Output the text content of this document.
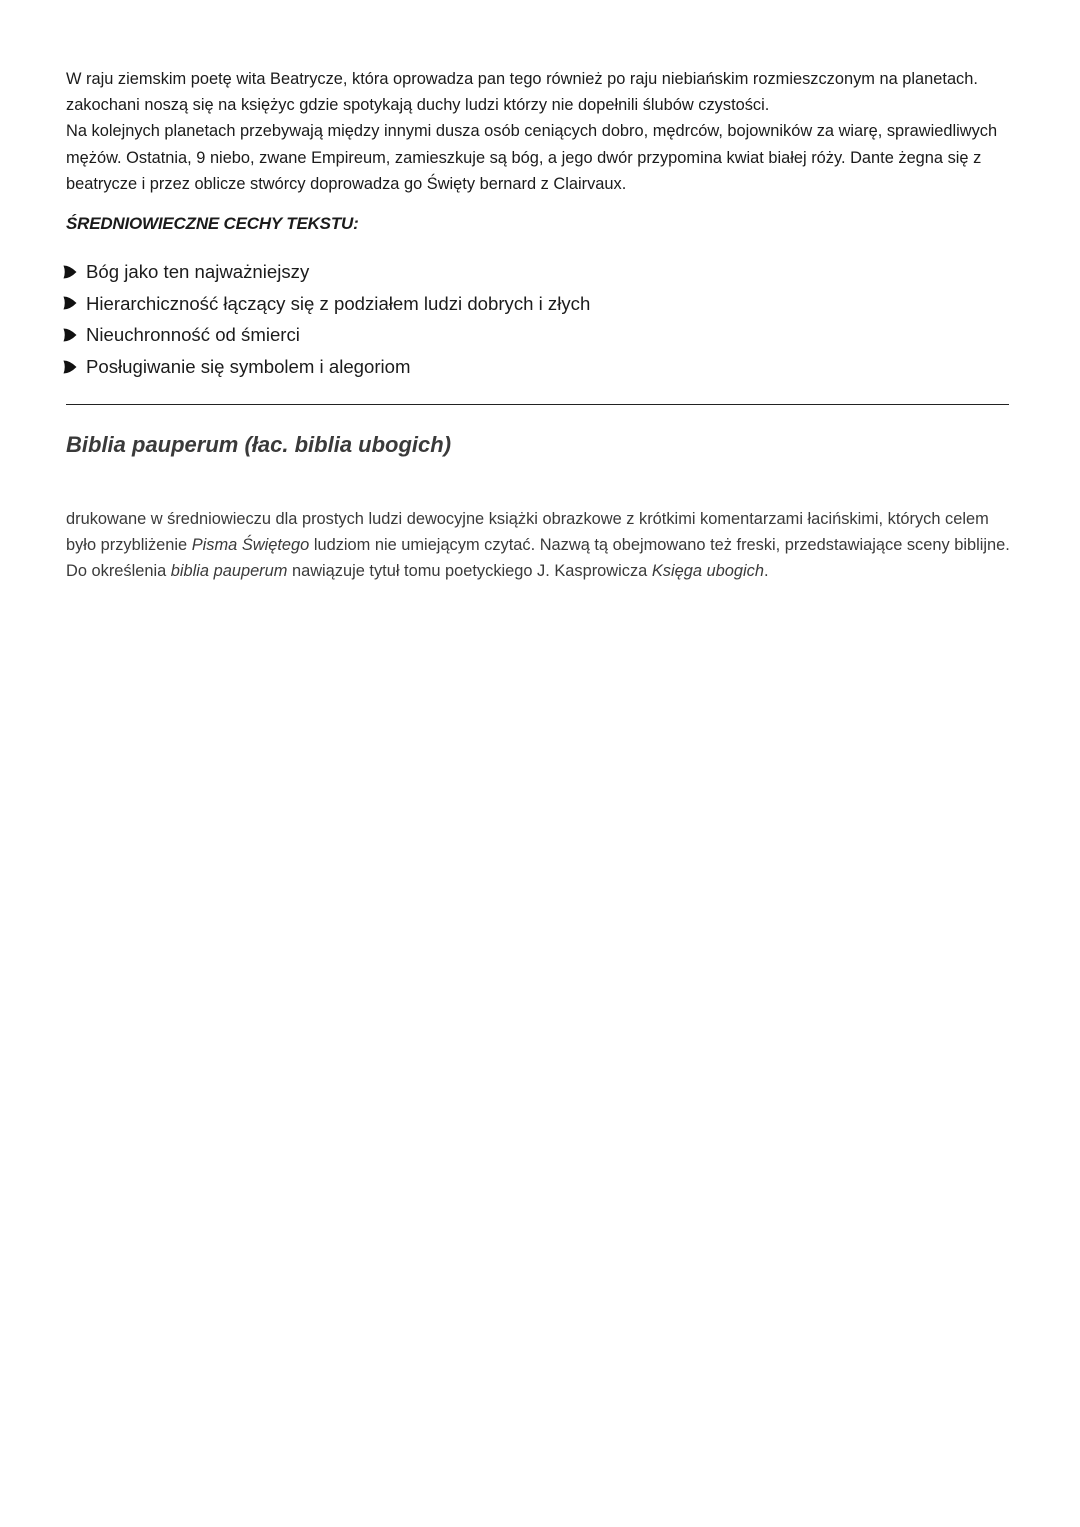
W raju ziemskim poetę wita Beatrycze, która oprowadza pan tego również po raju niebiańskim rozmieszczonym na planetach. zakochani noszą się na księżyc gdzie spotykają duchy ludzi którzy nie dopełnili ślubów czystości.

Na kolejnych planetach przebywają między innymi dusza osób ceniących dobro, mędrców, bojowników za wiarę, sprawiedliwych mężów. Ostatnia, 9 niebo, zwane Empireum, zamieszkuje są bóg, a jego dwór przypomina kwiat białej róży. Dante żegna się z beatrycze i przez oblicze stwórcy doprowadza go Święty bernard z Clairvaux.

ŚREDNIOWIECZNE CECHY TEKSTU:
Bóg jako ten najważniejszy
Hierarchiczność łączący się z podziałem ludzi dobrych i złych
Nieuchronność od śmierci
Posługiwanie się symbolem i alegoriom
Biblia pauperum (łac. biblia ubogich)

drukowane w średniowieczu dla prostych ludzi dewocyjne książki obrazkowe z krótkimi komentarzami łacińskimi, których celem było przybliżenie Pisma Świętego ludziom nie umiejącym czytać. Nazwą tą obejmowano też freski, przedstawiające sceny biblijne. Do określenia biblia pauperum nawiązuje tytuł tomu poetyckiego J. Kasprowicza Księga ubogich.
